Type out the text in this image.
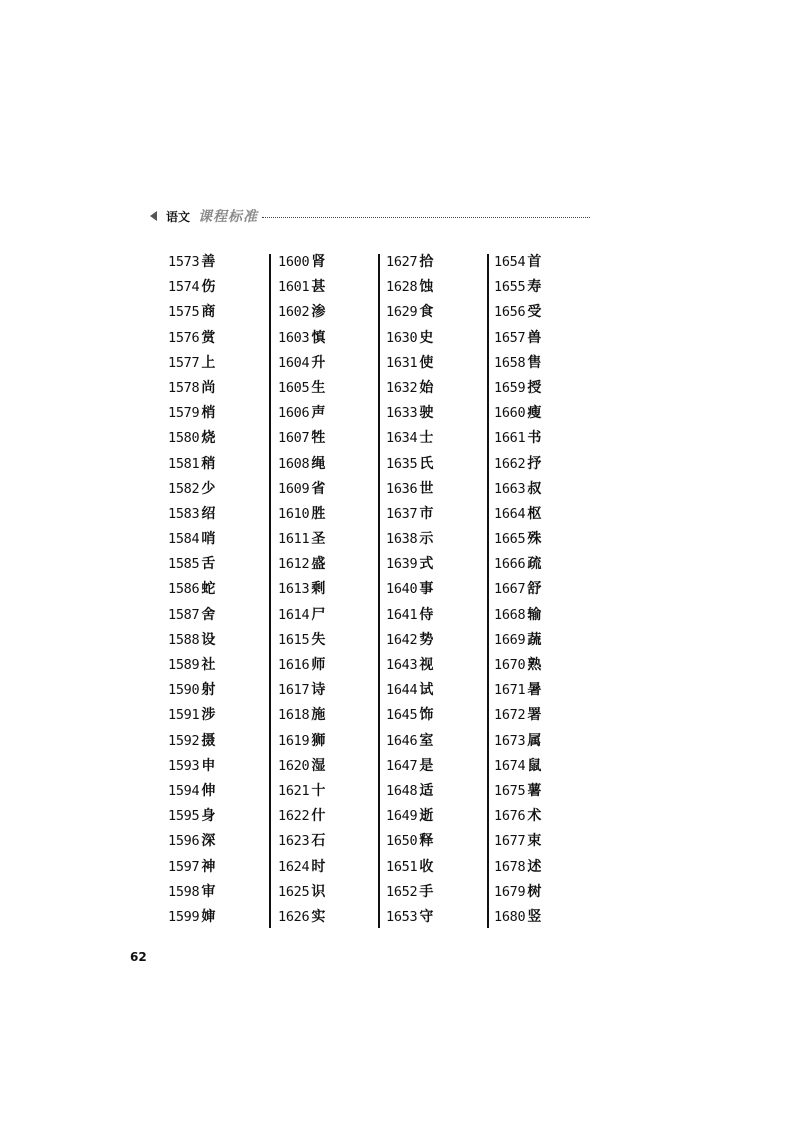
语文 课程标准
1573 善
1574 伤
1575 商
1576 赏
1577 上
1578 尚
1579 梢
1580 烧
1581 稍
1582 少
1583 绍
1584 哨
1585 舌
1586 蛇
1587 舍
1588 设
1589 社
1590 射
1591 涉
1592 摄
1593 申
1594 伸
1595 身
1596 深
1597 神
1598 审
1599 婶
1600 肾
1601 甚
1602 渗
1603 慎
1604 升
1605 生
1606 声
1607 牲
1608 绳
1609 省
1610 胜
1611 圣
1612 盛
1613 剩
1614 尸
1615 失
1616 师
1617 诗
1618 施
1619 狮
1620 湿
1621 十
1622 什
1623 石
1624 时
1625 识
1626 实
1627 拾
1628 蚀
1629 食
1630 史
1631 使
1632 始
1633 驶
1634 士
1635 氏
1636 世
1637 市
1638 示
1639 式
1640 事
1641 侍
1642 势
1643 视
1644 试
1645 饰
1646 室
1647 是
1648 适
1649 逝
1650 释
1651 收
1652 手
1653 守
1654 首
1655 寿
1656 受
1657 兽
1658 售
1659 授
1660 瘦
1661 书
1662 抒
1663 叔
1664 枢
1665 殊
1666 疏
1667 舒
1668 输
1669 蔬
1670 熟
1671 暑
1672 署
1673 属
1674 鼠
1675 薯
1676 术
1677 束
1678 述
1679 树
1680 竖
62
